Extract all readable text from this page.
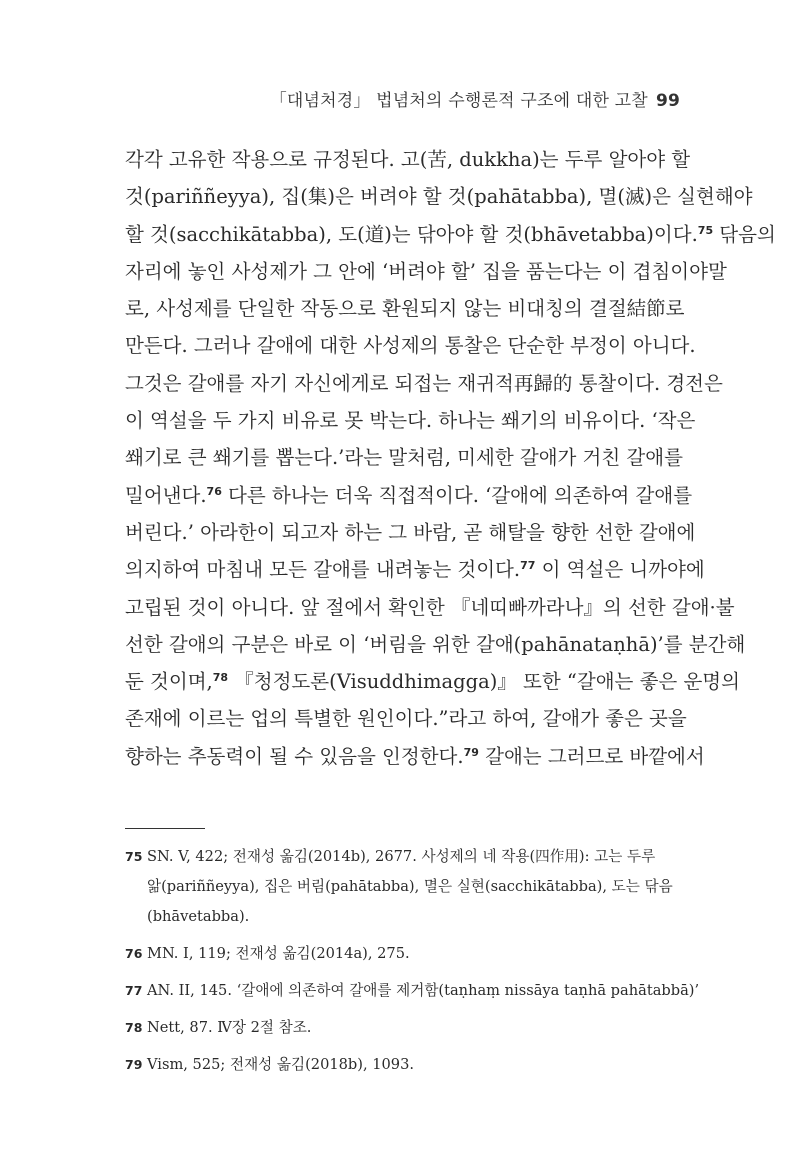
「대념처경」 법념처의 수행론적 구조에 대한 고찰 99
각각 고유한 작용으로 규정된다. 고(苦, dukkha)는 두루 알아야 할
것(pariññeyya), 집(集)은 버려야 할 것(pahātabba), 멸(滅)은 실현해야
할 것(sacchikātabba), 도(道)는 닦아야 할 것(bhāvetabba)이다.$^{75}$ 닦음의
자리에 놓인 사성제가 그 안에 ‘버려야 할’ 집을 품는다는 이 겹침이야말
로, 사성제를 단일한 작동으로 환원되지 않는 비대칭의 결절結節로
만든다. 그러나 갈애에 대한 사성제의 통찰은 단순한 부정이 아니다.
그것은 갈애를 자기 자신에게로 되접는 재귀적再歸的 통찰이다. 경전은
이 역설을 두 가지 비유로 못 박는다. 하나는 쐐기의 비유이다. ‘작은
쐐기로 큰 쐐기를 뽑는다.’라는 말처럼, 미세한 갈애가 거친 갈애를
밀어낸다.$^{76}$ 다른 하나는 더욱 직접적이다. ‘갈애에 의존하여 갈애를
버린다.’ 아라한이 되고자 하는 그 바람, 곧 해탈을 향한 선한 갈애에
의지하여 마침내 모든 갈애를 내려놓는 것이다.$^{77}$ 이 역설은 니까야에
고립된 것이 아니다. 앞 절에서 확인한 『네띠빠까라나』의 선한 갈애·불
선한 갈애의 구분은 바로 이 ‘버림을 위한 갈애(pahānataṇhā)’를 분간해
둔 것이며,$^{78}$ 『청정도론(Visuddhimagga)』 또한 “갈애는 좋은 운명의
존재에 이르는 업의 특별한 원인이다.”라고 하여, 갈애가 좋은 곳을
향하는 추동력이 될 수 있음을 인정한다.$^{79}$ 갈애는 그러므로 바깥에서
75 SN. V, 422; 전재성 옮김(2014b), 2677. 사성제의 네 작용(四作用): 고는 두루
앎(pariññeyya), 집은 버림(pahātabba), 멸은 실현(sacchikātabba), 도는 닦음
(bhāvetabba).
76 MN. I, 119; 전재성 옮김(2014a), 275.
77 AN. II, 145. ‘갈애에 의존하여 갈애를 제거함(taṇhaṃ nissāya taṇhā pahātabbā)’
78 Nett, 87. Ⅳ장 2절 참조.
79 Vism, 525; 전재성 옮김(2018b), 1093.
